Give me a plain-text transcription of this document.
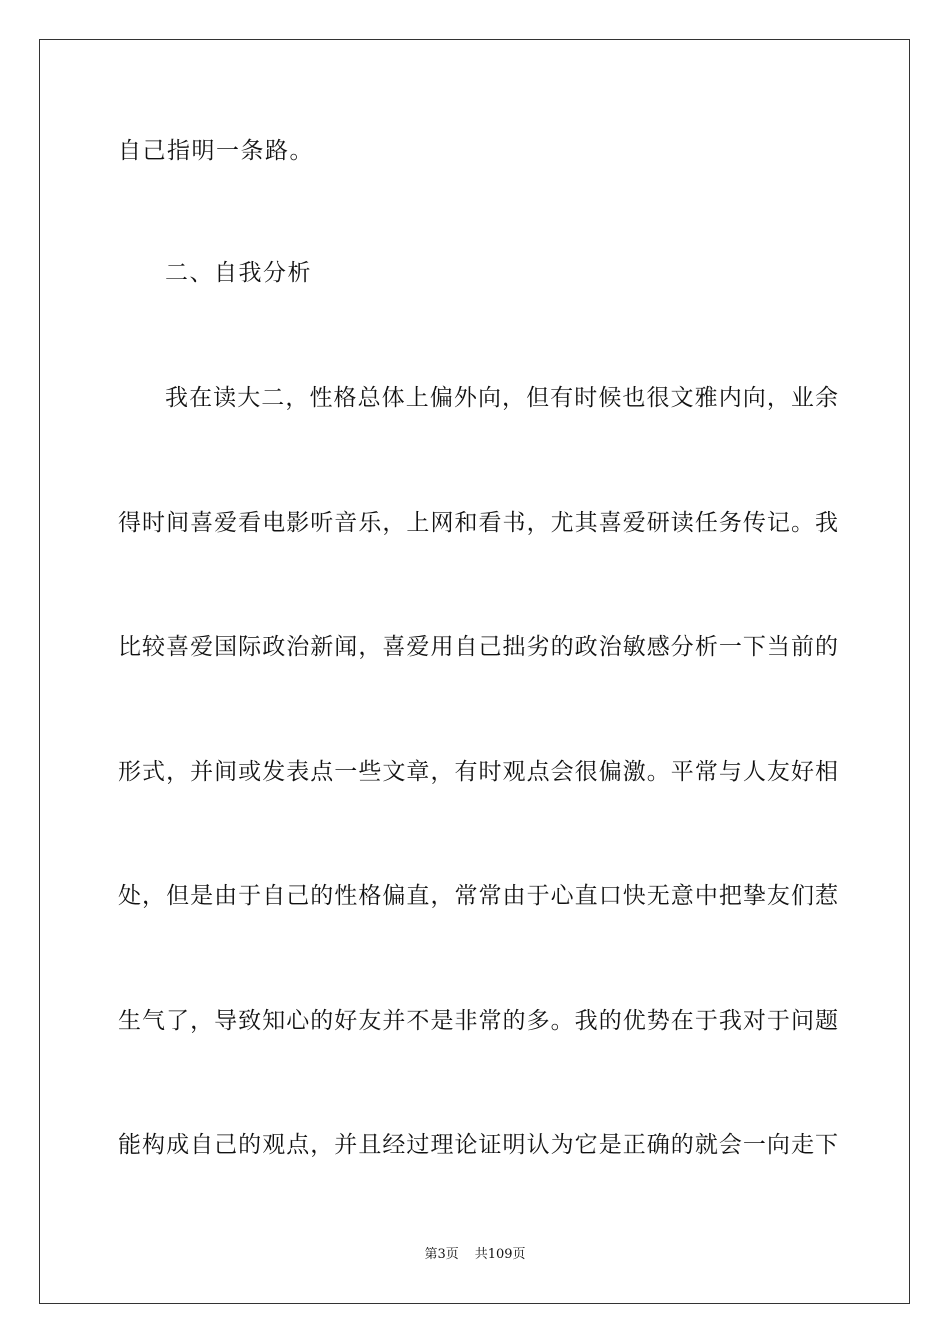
自己指明一条路。
二、自我分析
我在读大二，性格总体上偏外向，但有时候也很文雅内向，业余
得时间喜爱看电影听音乐，上网和看书，尤其喜爱研读任务传记。我
比较喜爱国际政治新闻，喜爱用自己拙劣的政治敏感分析一下当前的
形式，并间或发表点一些文章，有时观点会很偏激。平常与人友好相
处，但是由于自己的性格偏直，常常由于心直口快无意中把挚友们惹
生气了，导致知心的好友并不是非常的多。我的优势在于我对于问题
能构成自己的观点，并且经过理论证明认为它是正确的就会一向走下
第3页 共109页
